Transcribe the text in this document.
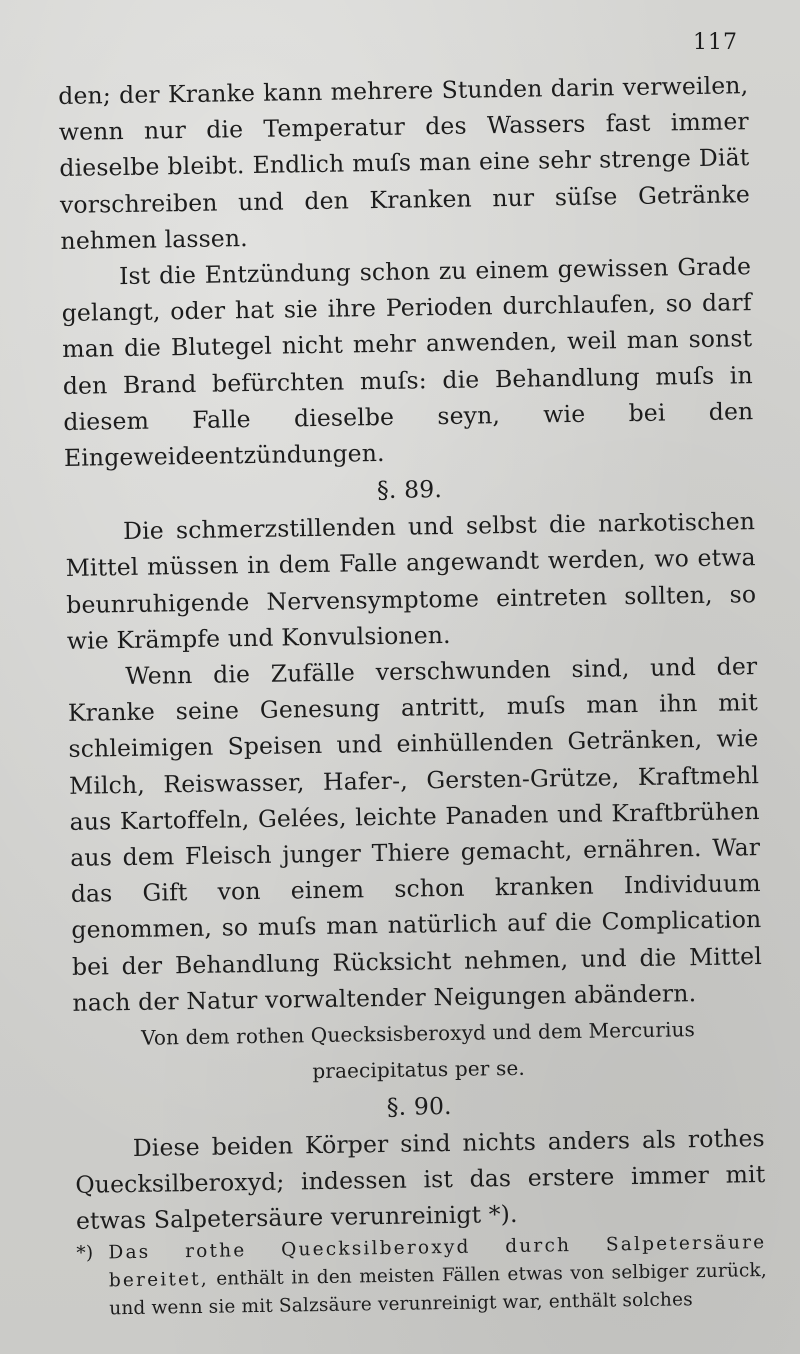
117

den; der Kranke kann mehrere Stunden darin verweilen, wenn nur die Temperatur des Wassers fast immer dieselbe bleibt. Endlich muſs man eine sehr strenge Diät vorschreiben und den Kranken nur süſse Getränke nehmen lassen.

Ist die Entzündung schon zu einem gewissen Grade gelangt, oder hat sie ihre Perioden durchlaufen, so darf man die Blutegel nicht mehr anwenden, weil man sonst den Brand befürchten muſs: die Behandlung muſs in diesem Falle dieselbe seyn, wie bei den Eingeweideentzündungen.

§. 89.

Die schmerzstillenden und selbst die narkotischen Mittel müssen in dem Falle angewandt werden, wo etwa beunruhigende Nervensymptome eintreten sollten, so wie Krämpfe und Konvulsionen.

Wenn die Zufälle verschwunden sind, und der Kranke seine Genesung antritt, muſs man ihn mit schleimigen Speisen und einhüllenden Getränken, wie Milch, Reiswasser, Hafer-, Gersten-Grütze, Kraftmehl aus Kartoffeln, Gelées, leichte Panaden und Kraftbrühen aus dem Fleisch junger Thiere gemacht, ernähren. War das Gift von einem schon kranken Individuum genommen, so muſs man natürlich auf die Complication bei der Behandlung Rücksicht nehmen, und die Mittel nach der Natur vorwaltender Neigungen abändern.

Von dem rothen Quecksisberoxyd und dem Mercurius praecipitatus per se.

§. 90.

Diese beiden Körper sind nichts anders als rothes Quecksilberoxyd; indessen ist das erstere immer mit etwas Salpetersäure verunreinigt *).

*) Das rothe Quecksilberoxyd durch Salpetersäure bereitet, enthält in den meisten Fällen etwas von selbiger zurück, und wenn sie mit Salzsäure verunreinigt war, enthält solches
